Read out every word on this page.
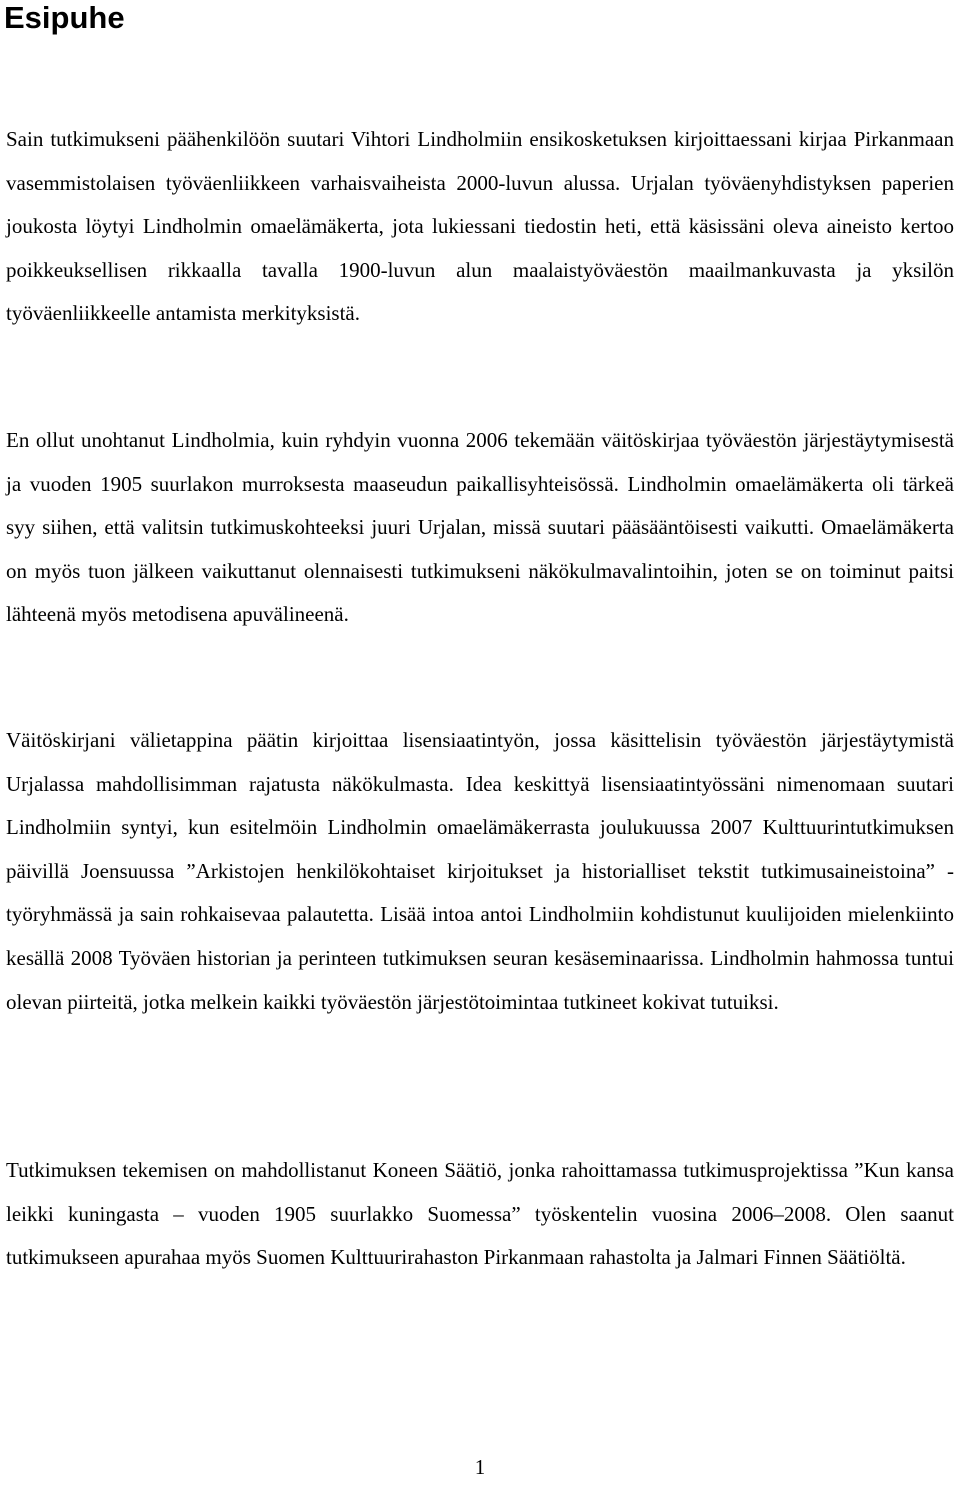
Esipuhe

Sain tutkimukseni päähenkilöön suutari Vihtori Lindholmiin ensikosketuksen kirjoittaessani kirjaa Pirkanmaan vasemmistolaisen työväenliikkeen varhaisvaiheista 2000-luvun alussa. Urjalan työväenyhdistyksen paperien joukosta löytyi Lindholmin omaelämäkerta, jota lukiessani tiedostin heti, että käsissäni oleva aineisto kertoo poikkeuksellisen rikkaalla tavalla 1900-luvun alun maalaistyöväestön maailmankuvasta ja yksilön työväenliikkeelle antamista merkityksistä.

En ollut unohtanut Lindholmia, kuin ryhdyin vuonna 2006 tekemään väitöskirjaa työväestön järjestäytymisestä ja vuoden 1905 suurlakon murroksesta maaseudun paikallisyhteisössä. Lindholmin omaelämäkerta oli tärkeä syy siihen, että valitsin tutkimuskohteeksi juuri Urjalan, missä suutari pääsääntöisesti vaikutti. Omaelämäkerta on myös tuon jälkeen vaikuttanut olennaisesti tutkimukseni näkökulmavalintoihin, joten se on toiminut paitsi lähteenä myös metodisena apuvälineenä.

Väitöskirjani välietappina päätin kirjoittaa lisensiaatintyön, jossa käsittelisin työväestön järjestäytymistä Urjalassa mahdollisimman rajatusta näkökulmasta. Idea keskittyä lisensiaatintyössäni nimenomaan suutari Lindholmiin syntyi, kun esitelmöin Lindholmin omaelämäkerrasta joulukuussa 2007 Kulttuurintutkimuksen päivillä Joensuussa ”Arkistojen henkilökohtaiset kirjoitukset ja historialliset tekstit tutkimusaineistoina” -työryhmässä ja sain rohkaisevaa palautetta. Lisää intoa antoi Lindholmiin kohdistunut kuulijoiden mielenkiinto kesällä 2008 Työväen historian ja perinteen tutkimuksen seuran kesäseminaarissa. Lindholmin hahmossa tuntui olevan piirteitä, jotka melkein kaikki työväestön järjestötoimintaa tutkineet kokivat tutuiksi.

Tutkimuksen tekemisen on mahdollistanut Koneen Säätiö, jonka rahoittamassa tutkimusprojektissa ”Kun kansa leikki kuningasta – vuoden 1905 suurlakko Suomessa” työskentelin vuosina 2006–2008. Olen saanut tutkimukseen apurahaa myös Suomen Kulttuurirahaston Pirkanmaan rahastolta ja Jalmari Finnen Säätiöltä.

1
